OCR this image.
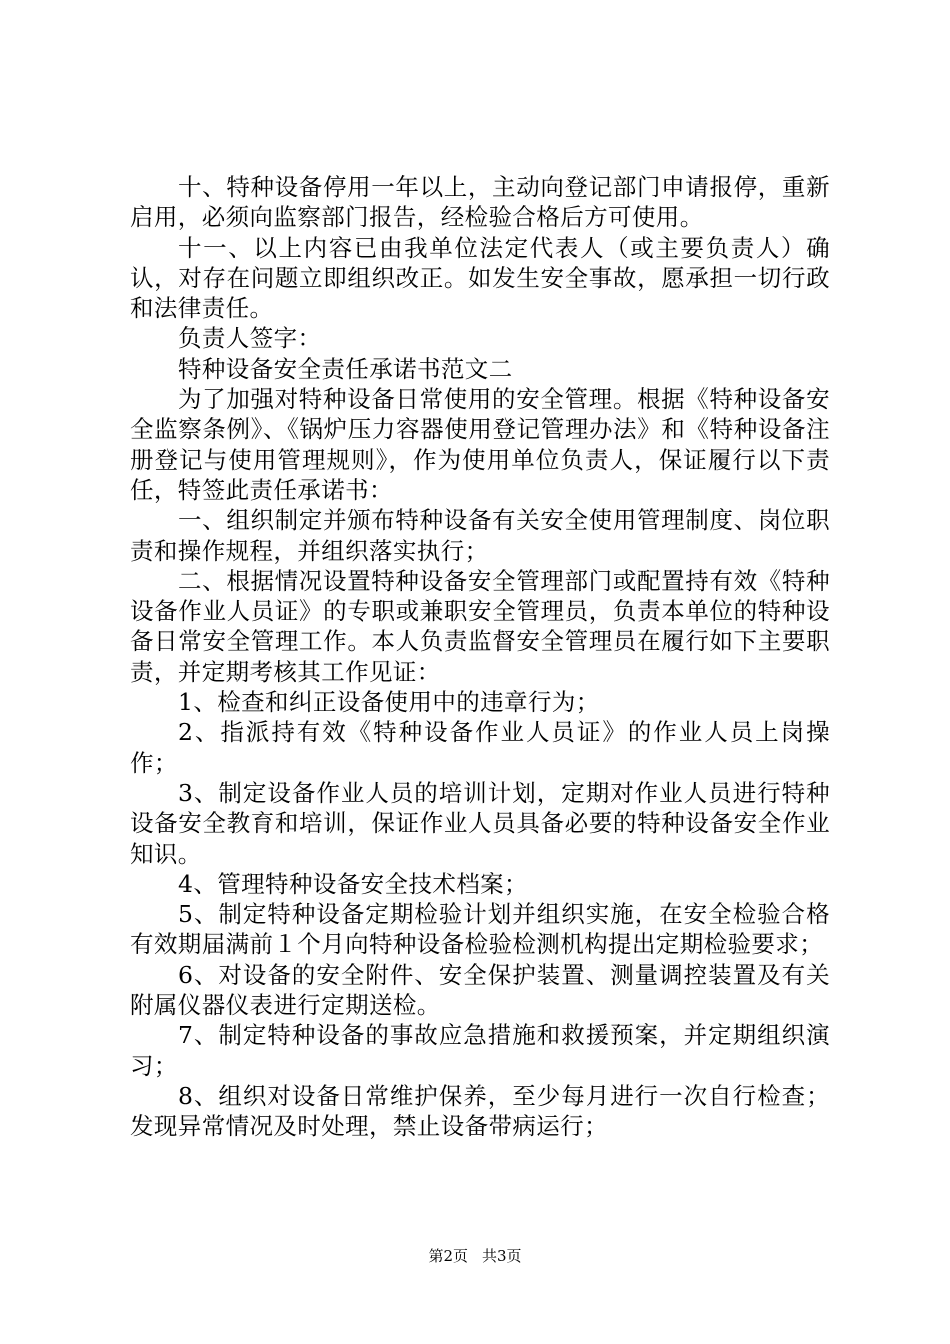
十、特种设备停用一年以上，主动向登记部门申请报停，重新启用，必须向监察部门报告，经检验合格后方可使用。

十一、以上内容已由我单位法定代表人（或主要负责人）确认，对存在问题立即组织改正。如发生安全事故，愿承担一切行政和法律责任。

负责人签字：

特种设备安全责任承诺书范文二

为了加强对特种设备日常使用的安全管理。根据《特种设备安全监察条例》、《锅炉压力容器使用登记管理办法》和《特种设备注册登记与使用管理规则》，作为使用单位负责人，保证履行以下责任，特签此责任承诺书：

一、组织制定并颁布特种设备有关安全使用管理制度、岗位职责和操作规程，并组织落实执行；

二、根据情况设置特种设备安全管理部门或配置持有效《特种设备作业人员证》的专职或兼职安全管理员，负责本单位的特种设备日常安全管理工作。本人负责监督安全管理员在履行如下主要职责，并定期考核其工作见证：

1、检查和纠正设备使用中的违章行为；

2、指派持有效《特种设备作业人员证》的作业人员上岗操作；

3、制定设备作业人员的培训计划，定期对作业人员进行特种设备安全教育和培训，保证作业人员具备必要的特种设备安全作业知识。

4、管理特种设备安全技术档案；

5、制定特种设备定期检验计划并组织实施，在安全检验合格有效期届满前１个月向特种设备检验检测机构提出定期检验要求；

6、对设备的安全附件、安全保护装置、测量调控装置及有关附属仪器仪表进行定期送检。

7、制定特种设备的事故应急措施和救援预案，并定期组织演习；

8、组织对设备日常维护保养，至少每月进行一次自行检查；发现异常情况及时处理，禁止设备带病运行；

第2页 共3页
